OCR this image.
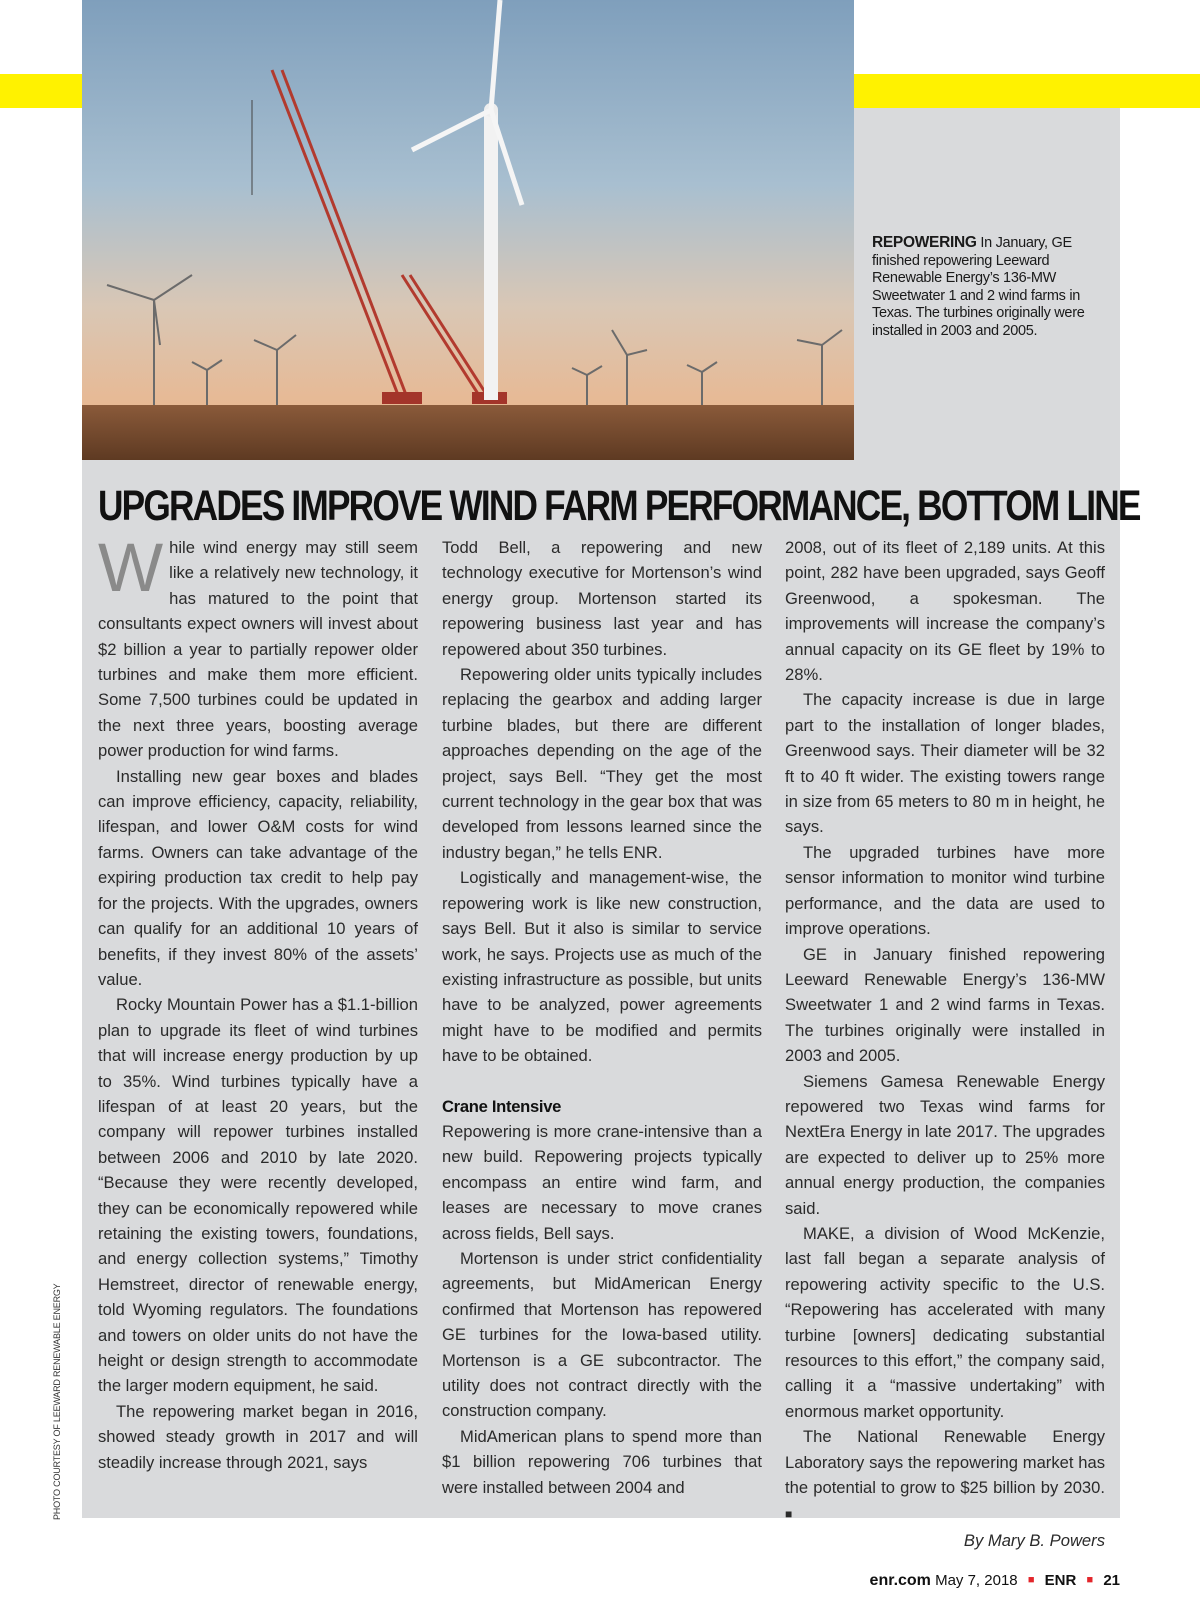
REPOWERING In January, GE finished repowering Leeward Renewable Energy’s 136-MW Sweetwater 1 and 2 wind farms in Texas. The turbines originally were installed in 2003 and 2005.
UPGRADES IMPROVE WIND FARM PERFORMANCE, BOTTOM LINE

While wind energy may still seem like a relatively new technology, it has matured to the point that consultants expect owners will invest about $2 billion a year to partially repower older turbines and make them more efficient. Some 7,500 turbines could be updated in the next three years, boosting average power production for wind farms.

Installing new gear boxes and blades can improve efficiency, capacity, reliability, lifespan, and lower O&M costs for wind farms. Owners can take advantage of the expiring production tax credit to help pay for the projects. With the upgrades, owners can qualify for an additional 10 years of benefits, if they invest 80% of the assets’ value.

Rocky Mountain Power has a $1.1-billion plan to upgrade its fleet of wind turbines that will increase energy production by up to 35%. Wind turbines typically have a lifespan of at least 20 years, but the company will repower turbines installed between 2006 and 2010 by late 2020. “Because they were recently developed, they can be economically repowered while retaining the existing towers, foundations, and energy collection systems,” Timothy Hemstreet, director of renewable energy, told Wyoming regulators. The foundations and towers on older units do not have the height or design strength to accommodate the larger modern equipment, he said.

The repowering market began in 2016, showed steady growth in 2017 and will steadily increase through 2021, says

Todd Bell, a repowering and new technology executive for Mortenson’s wind energy group. Mortenson started its repowering business last year and has repowered about 350 turbines.

Repowering older units typically includes replacing the gearbox and adding larger turbine blades, but there are different approaches depending on the age of the project, says Bell. “They get the most current technology in the gear box that was developed from lessons learned since the industry began,” he tells ENR.

Logistically and management-wise, the repowering work is like new construction, says Bell. But it also is similar to service work, he says. Projects use as much of the existing infrastructure as possible, but units have to be analyzed, power agreements might have to be modified and permits have to be obtained.

Crane Intensive

Repowering is more crane-intensive than a new build. Repowering projects typically encompass an entire wind farm, and leases are necessary to move cranes across fields, Bell says.

Mortenson is under strict confidentiality agreements, but MidAmerican Energy confirmed that Mortenson has repowered GE turbines for the Iowa-based utility. Mortenson is a GE subcontractor. The utility does not contract directly with the construction company.

MidAmerican plans to spend more than $1 billion repowering 706 turbines that were installed between 2004 and

2008, out of its fleet of 2,189 units. At this point, 282 have been upgraded, says Geoff Greenwood, a spokesman. The improvements will increase the company’s annual capacity on its GE fleet by 19% to 28%.

The capacity increase is due in large part to the installation of longer blades, Greenwood says. Their diameter will be 32 ft to 40 ft wider. The existing towers range in size from 65 meters to 80 m in height, he says.

The upgraded turbines have more sensor information to monitor wind turbine performance, and the data are used to improve operations.

GE in January finished repowering Leeward Renewable Energy’s 136-MW Sweetwater 1 and 2 wind farms in Texas. The turbines originally were installed in 2003 and 2005.

Siemens Gamesa Renewable Energy repowered two Texas wind farms for NextEra Energy in late 2017. The upgrades are expected to deliver up to 25% more annual energy production, the companies said.

MAKE, a division of Wood McKenzie, last fall began a separate analysis of repowering activity specific to the U.S. “Repowering has accelerated with many turbine [owners] dedicating substantial resources to this effort,” the company said, calling it a “massive undertaking” with enormous market opportunity.

The National Renewable Energy Laboratory says the repowering market has the potential to grow to $25 billion by 2030. ■

By Mary B. Powers

PHOTO COURTESY OF LEEWARD RENEWABLE ENERGY
enr.com May 7, 2018 ■ ENR ■ 21
